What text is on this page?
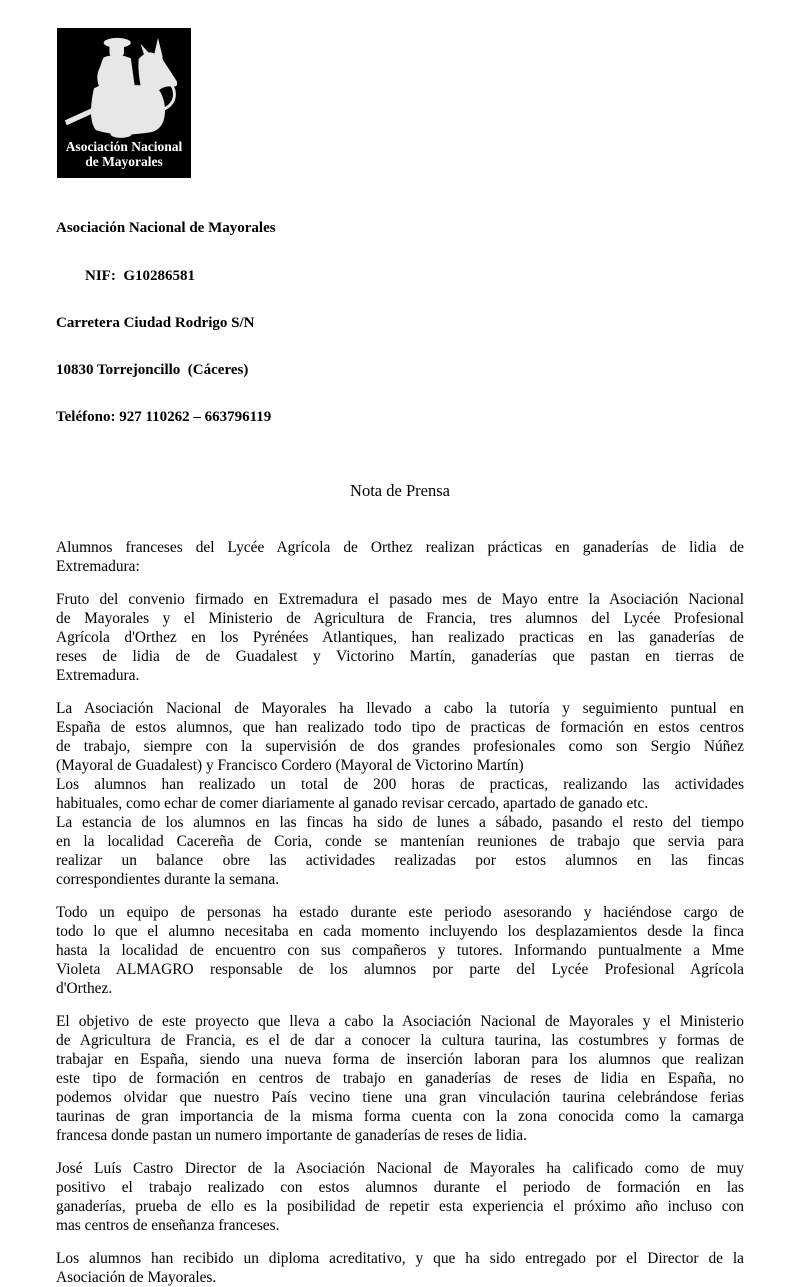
Asociación Nacional
de Mayorales

Asociación Nacional de Mayorales

NIF:  G10286581

Carretera Ciudad Rodrigo S/N

10830 Torrejoncillo  (Cáceres)

Teléfono: 927 110262 – 663796119

Nota de Prensa
Alumnos franceses del Lycée Agrícola de Orthez realizan prácticas en ganaderías de lidia de
Extremadura:
Fruto del convenio firmado en Extremadura el pasado mes de Mayo entre la Asociación Nacional
de Mayorales y el Ministerio de Agricultura de Francia, tres alumnos del Lycée Profesional
Agrícola d'Orthez en los Pyrénées Atlantiques, han realizado practicas en las ganaderías de
reses de lidia de de Guadalest y Victorino Martín, ganaderías que pastan en tierras de
Extremadura.
La Asociación Nacional de Mayorales ha llevado a cabo la tutoría y seguimiento puntual en
España de estos alumnos, que han realizado todo tipo de practicas de formación en estos centros
de trabajo, siempre con la supervisión de dos grandes profesionales como son Sergio Núñez
(Mayoral de Guadalest) y Francisco Cordero (Mayoral de Victorino Martín)
Los alumnos han realizado un total de 200 horas de practicas, realizando las actividades
habituales, como echar de comer diariamente al ganado revisar cercado, apartado de ganado etc.
La estancia de los alumnos en las fincas ha sido de lunes a sábado, pasando el resto del tiempo
en la localidad Cacereña de Coria, conde se mantenían reuniones de trabajo que servia para
realizar un balance obre las actividades realizadas por estos alumnos en las fincas
correspondientes durante la semana.
Todo un equipo de personas ha estado durante este periodo asesorando y haciéndose cargo de
todo lo que el alumno necesitaba en cada momento incluyendo los desplazamientos desde la finca
hasta la localidad de encuentro con sus compañeros y tutores. Informando puntualmente a Mme
Violeta ALMAGRO responsable de los alumnos por parte del Lycée Profesional Agrícola
d'Orthez.
El objetivo de este proyecto que lleva a cabo la Asociación Nacional de Mayorales y el Ministerio
de Agricultura de Francia, es el de dar a conocer la cultura taurina, las costumbres y formas de
trabajar en España, siendo una nueva forma de inserción laboran para los alumnos que realizan
este tipo de formación en centros de trabajo en ganaderías de reses de lidia en España, no
podemos olvidar que nuestro País vecino tiene una gran vinculación taurina celebrándose ferias
taurinas de gran importancia de la misma forma cuenta con la zona conocida como la camarga
francesa donde pastan un numero importante de ganaderías de reses de lidia.
José Luís Castro Director de la Asociación Nacional de Mayorales ha calificado como de muy
positivo el trabajo realizado con estos alumnos durante el periodo de formación en las
ganaderías, prueba de ello es la posibilidad de repetir esta experiencia el próximo año incluso con
mas centros de enseñanza franceses.
Los alumnos han recibido un diploma acreditativo, y que ha sido entregado por el Director de la
Asociación de Mayorales.
